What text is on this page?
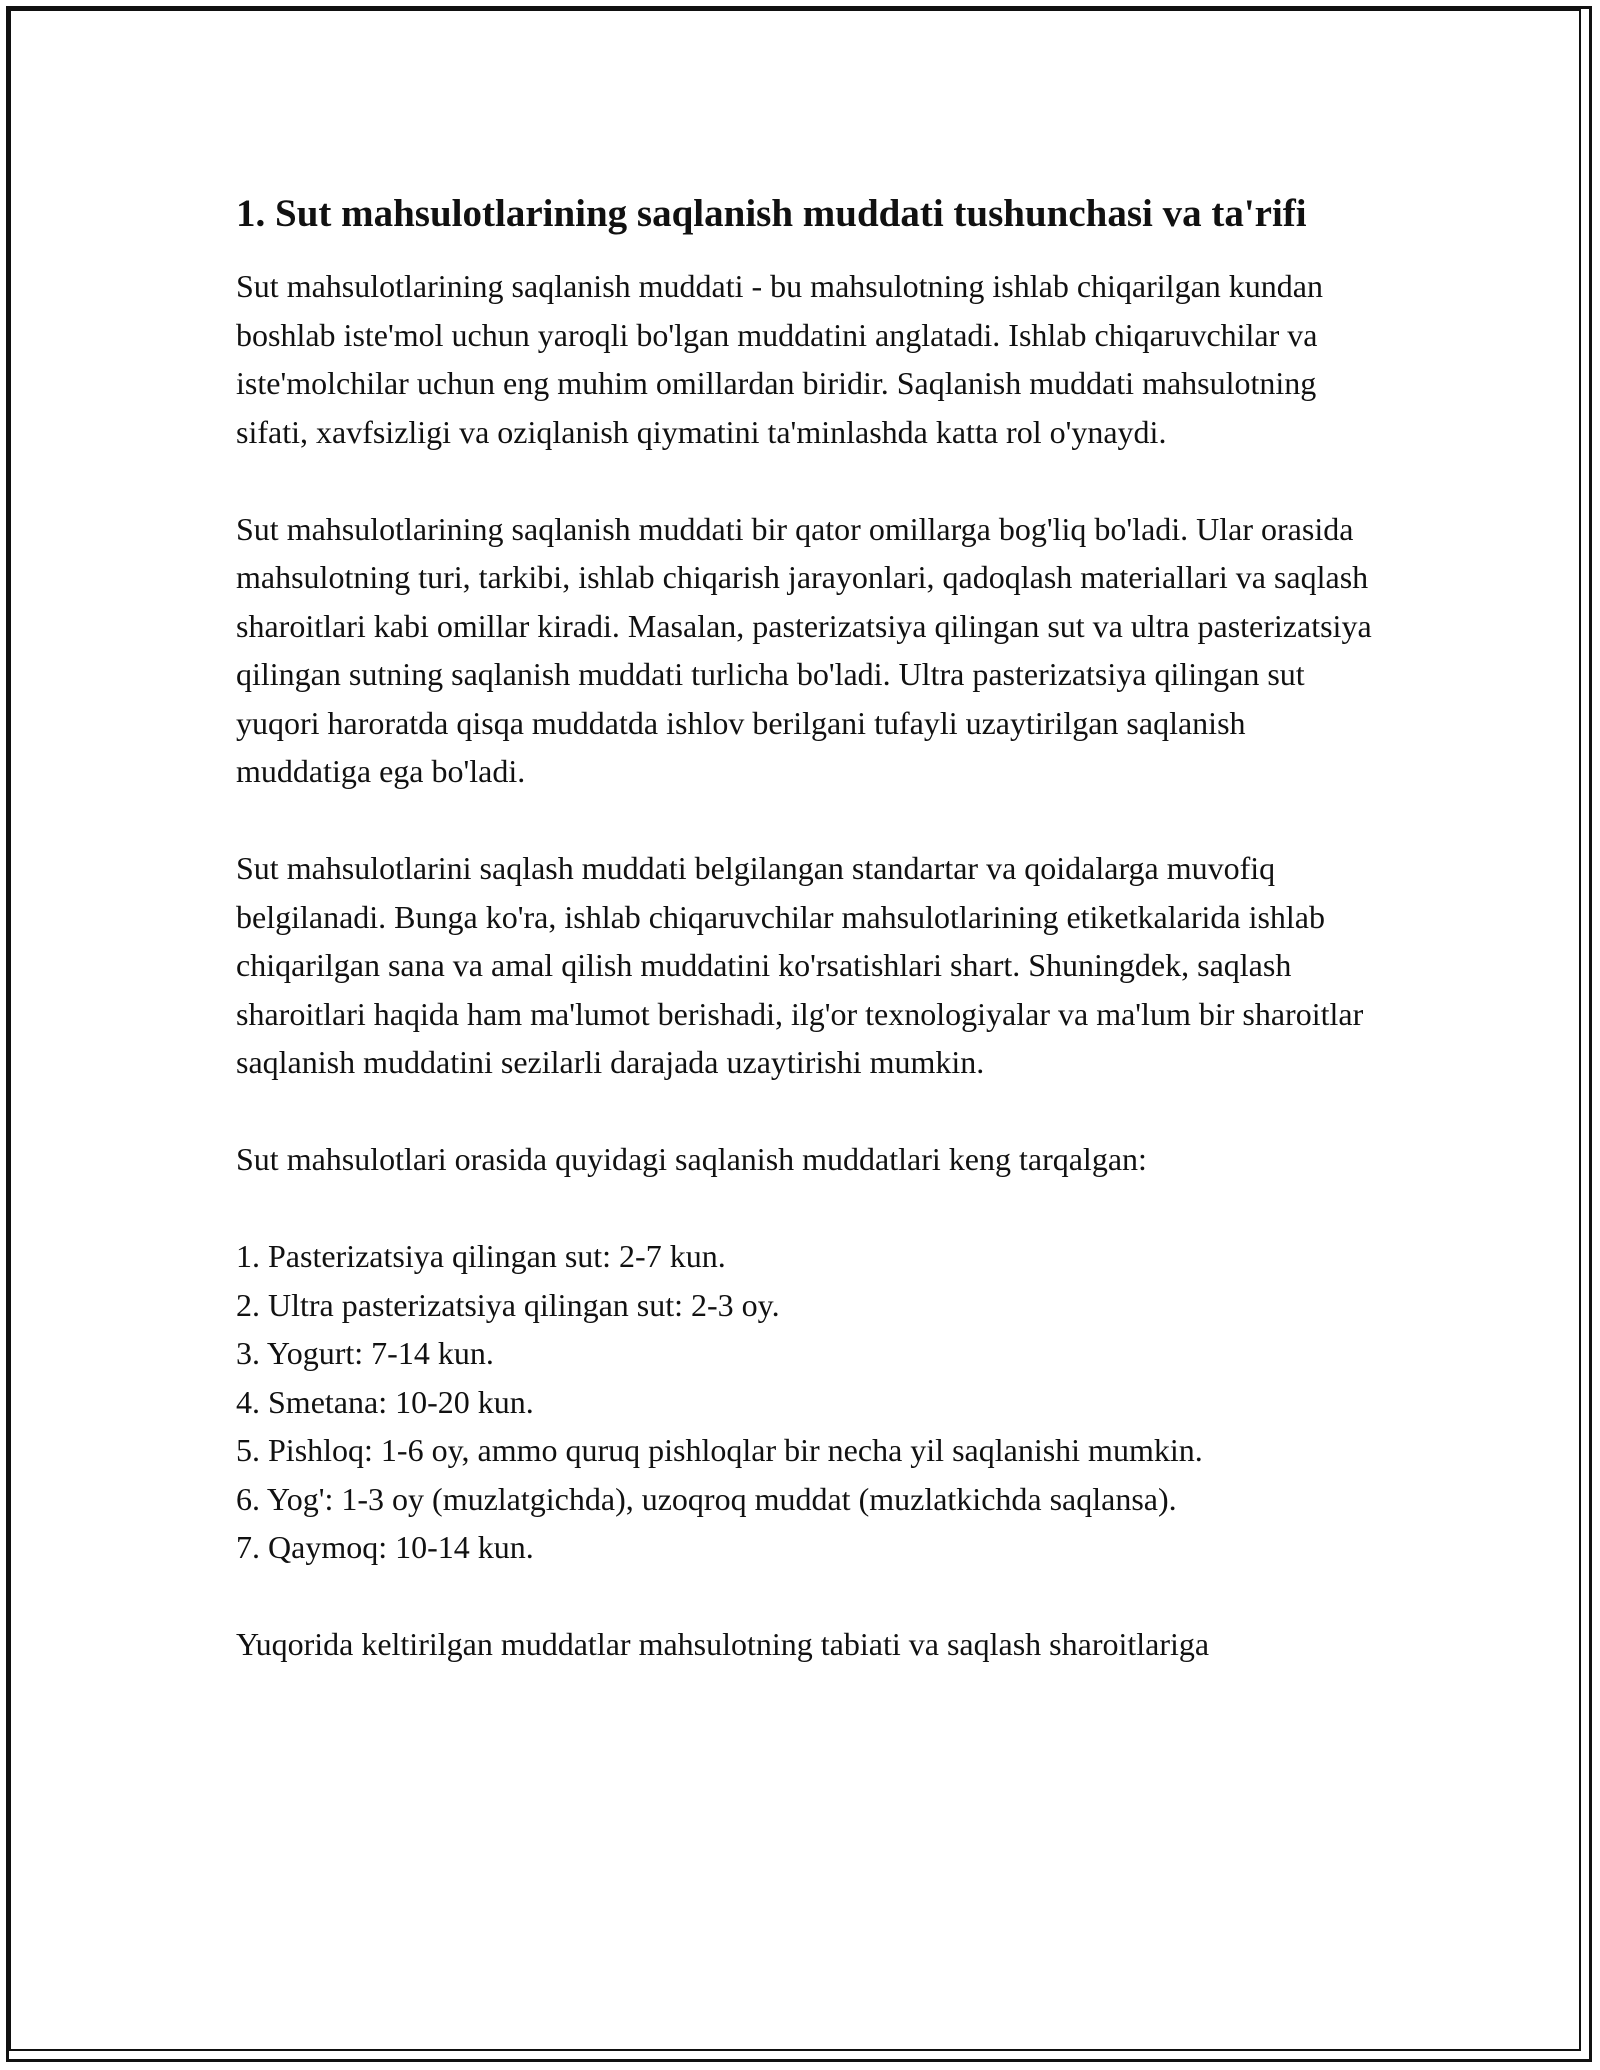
1. Sut mahsulotlarining saqlanish muddati tushunchasi va ta'rifi

Sut mahsulotlarining saqlanish muddati - bu mahsulotning ishlab chiqarilgan kundan boshlab iste'mol uchun yaroqli bo'lgan muddatini anglatadi. Ishlab chiqaruvchilar va iste'molchilar uchun eng muhim omillardan biridir. Saqlanish muddati mahsulotning sifati, xavfsizligi va oziqlanish qiymatini ta'minlashda katta rol o'ynaydi.

Sut mahsulotlarining saqlanish muddati bir qator omillarga bog'liq bo'ladi. Ular orasida mahsulotning turi, tarkibi, ishlab chiqarish jarayonlari, qadoqlash materiallari va saqlash sharoitlari kabi omillar kiradi. Masalan, pasterizatsiya qilingan sut va ultra pasterizatsiya qilingan sutning saqlanish muddati turlicha bo'ladi. Ultra pasterizatsiya qilingan sut yuqori haroratda qisqa muddatda ishlov berilgani tufayli uzaytirilgan saqlanish muddatiga ega bo'ladi.

Sut mahsulotlarini saqlash muddati belgilangan standartar va qoidalarga muvofiq belgilanadi. Bunga ko'ra, ishlab chiqaruvchilar mahsulotlarining etiketkalarida ishlab chiqarilgan sana va amal qilish muddatini ko'rsatishlari shart. Shuningdek, saqlash sharoitlari haqida ham ma'lumot berishadi, ilg'or texnologiyalar va ma'lum bir sharoitlar saqlanish muddatini sezilarli darajada uzaytirishi mumkin.

Sut mahsulotlari orasida quyidagi saqlanish muddatlari keng tarqalgan:

1. Pasterizatsiya qilingan sut: 2-7 kun.
2. Ultra pasterizatsiya qilingan sut: 2-3 oy.
3. Yogurt: 7-14 kun.
4. Smetana: 10-20 kun.
5. Pishloq: 1-6 oy, ammo quruq pishloqlar bir necha yil saqlanishi mumkin.
6. Yog': 1-3 oy (muzlatgichda), uzoqroq muddat (muzlatkichda saqlansa).
7. Qaymoq: 10-14 kun.

Yuqorida keltirilgan muddatlar mahsulotning tabiati va saqlash sharoitlariga
